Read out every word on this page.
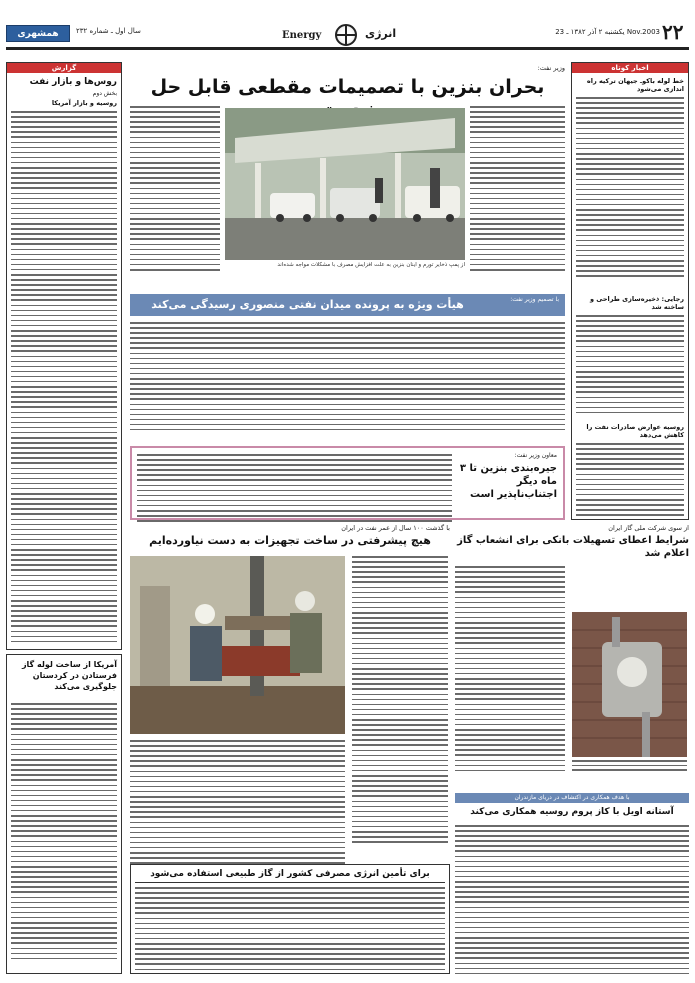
همشهری	سال اول ـ شماره ۲۳۲	Energy	انرژی	یکشنبه ۲ آذر ۱۳۸۲ ـ 23 Nov.2003 ۲۲
گزارش
روس‌ها و بازار نفت
بخش دوم
روسیه و بازار آمریکا
آمریکا از ساخت لوله گاز فرستادن در کردستان جلوگیری می‌کند
اخبار کوتاه
خط لوله باکوـ جیهان ترکیه راه اندازی می‌شود
رجایی: ذخیره‌سازی طراحی و ساخته شد
روسیه عوارض صادرات نفت را کاهش می‌دهد
وزیر نفت:
بحران بنزین با تصمیمات مقطعی قابل حل
از پمپ ذخایر تورم و اینان بنزین به علت افزایش مصرف با مشکلات مواجه شده‌اند
با تصمیم وزیر نفت:
هیأت ویژه به پرونده میدان نفتی منصوری رسیدگی می‌کند
معاون وزیر نفت:
جیره‌بندی بنزین تا ۳ ماه دیگر اجتناب‌ناپذیر است
از سوی شرکت ملی گاز ایران
شرایط اعطای تسهیلات بانکی برای انشعاب گاز اعلام شد
با گذشت ۱۰۰ سال از عمر نفت در ایران
هیچ پیشرفتی در ساخت تجهیزات به دست نیاورده‌ایم
با هدف همکاری در اکتشاف در دریای مازندران
آستانه اویل با کاز پروم روسیه همکاری می‌کند
برای تأمین انرژی مصرفی کشور از گاز طبیعی استفاده می‌شود
